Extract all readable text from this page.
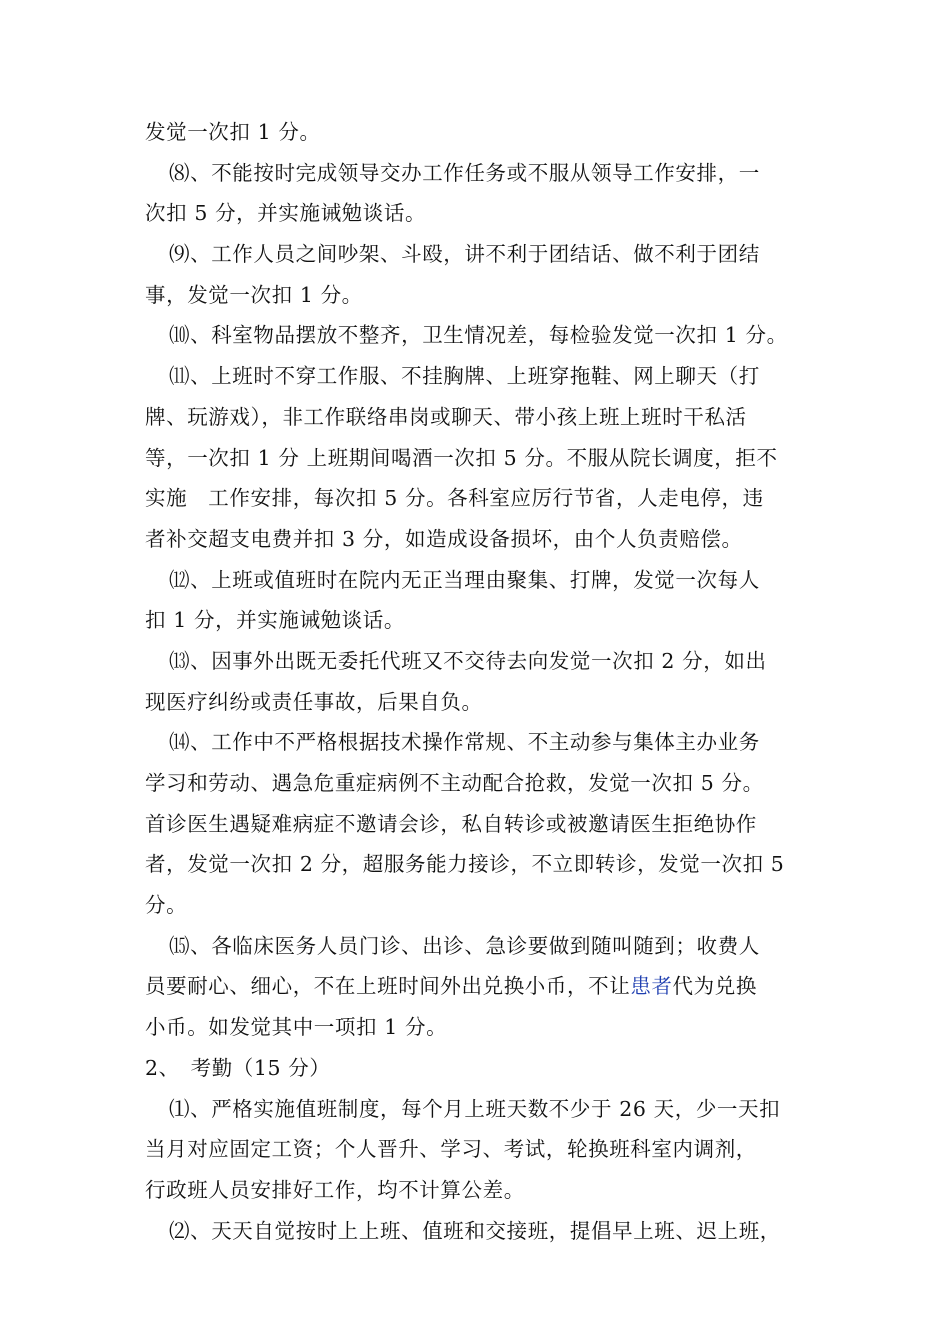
发觉一次扣 1 分。
⑻、不能按时完成领导交办工作任务或不服从领导工作安排，一
次扣 5 分，并实施诫勉谈话。
⑼、工作人员之间吵架、斗殴，讲不利于团结话、做不利于团结
事，发觉一次扣 1 分。
⑽、科室物品摆放不整齐，卫生情况差，每检验发觉一次扣 1 分。
⑾、上班时不穿工作服、不挂胸牌、上班穿拖鞋、网上聊天（打
牌、玩游戏），非工作联络串岗或聊天、带小孩上班上班时干私活
等，一次扣 1 分 上班期间喝酒一次扣 5 分。不服从院长调度，拒不
实施　工作安排，每次扣 5 分。各科室应厉行节省，人走电停，违
者补交超支电费并扣 3 分，如造成设备损坏，由个人负责赔偿。
⑿、上班或值班时在院内无正当理由聚集、打牌，发觉一次每人
扣 1 分，并实施诫勉谈话。
⒀、因事外出既无委托代班又不交待去向发觉一次扣 2 分，如出
现医疗纠纷或责任事故，后果自负。
⒁、工作中不严格根据技术操作常规、不主动参与集体主办业务
学习和劳动、遇急危重症病例不主动配合抢救，发觉一次扣 5 分。
首诊医生遇疑难病症不邀请会诊，私自转诊或被邀请医生拒绝协作
者，发觉一次扣 2 分，超服务能力接诊，不立即转诊，发觉一次扣 5
分。
⒂、各临床医务人员门诊、出诊、急诊要做到随叫随到；收费人
员要耐心、细心，不在上班时间外出兑换小币，不让患者代为兑换
小币。如发觉其中一项扣 1 分。
2、　考勤（15 分）
⑴、严格实施值班制度，每个月上班天数不少于 26 天，少一天扣
当月对应固定工资；个人晋升、学习、考试，轮换班科室内调剂，
行政班人员安排好工作，均不计算公差。
⑵、天天自觉按时上上班、值班和交接班，提倡早上班、迟上班，
